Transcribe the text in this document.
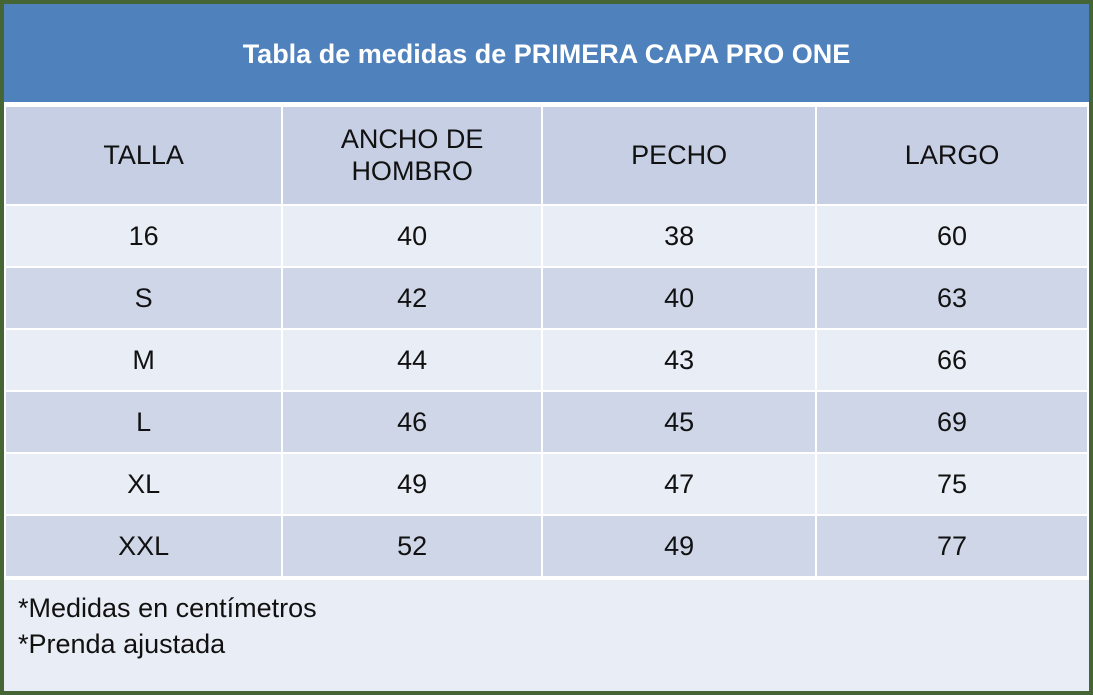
Tabla de medidas de PRIMERA CAPA PRO ONE
TALLA	ANCHO DE HOMBRO	PECHO	LARGO
16	40	38	60
S	42	40	63
M	44	43	66
L	46	45	69
XL	49	47	75
XXL	52	49	77
*Medidas en centímetros
*Prenda ajustada
